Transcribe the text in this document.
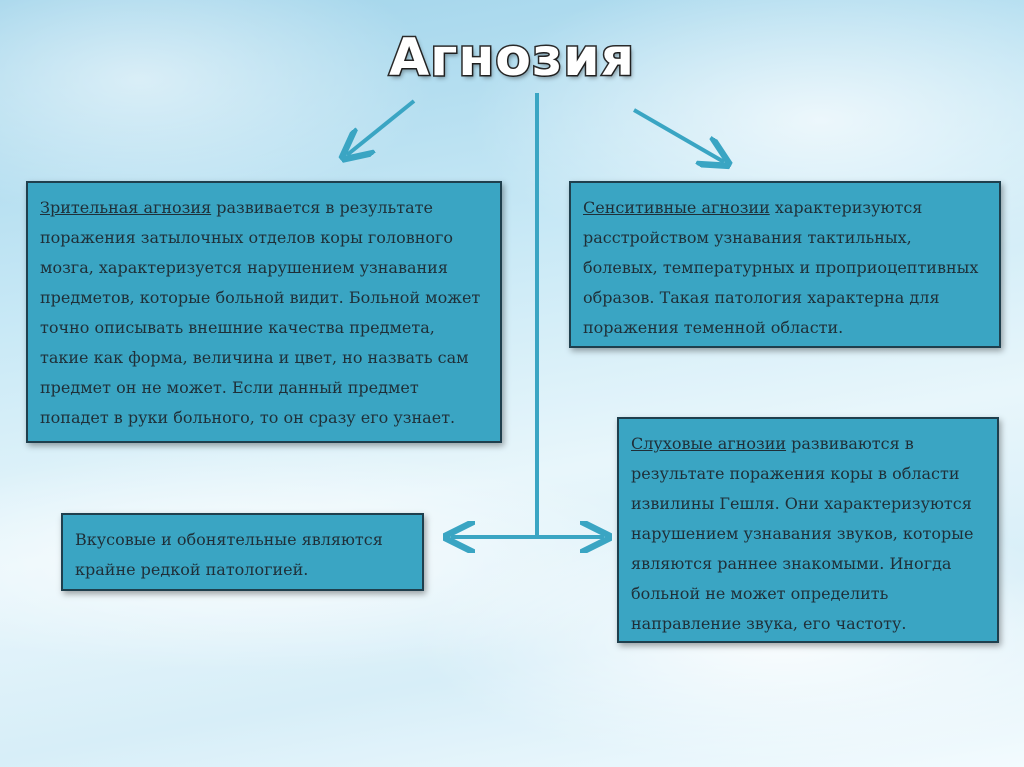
Агнозия
Зрительная агнозия развивается в результате поражения затылочных отделов коры головного мозга, характеризуется нарушением узнавания предметов, которые больной видит. Больной может точно описывать внешние качества предмета, такие как форма, величина и цвет, но назвать сам предмет он не может. Если данный предмет попадет в руки больного, то он сразу его узнает.
Сенситивные агнозии характеризуются расстройством узнавания тактильных, болевых, температурных и проприоцептивных образов. Такая патология характерна для поражения теменной области.
Слуховые агнозии развиваются в результате поражения коры в области извилины Гешля. Они характеризуются нарушением узнавания звуков, которые являются раннее знакомыми. Иногда больной не может определить направление звука, его частоту.
Вкусовые и обонятельные являются крайне редкой патологией.
